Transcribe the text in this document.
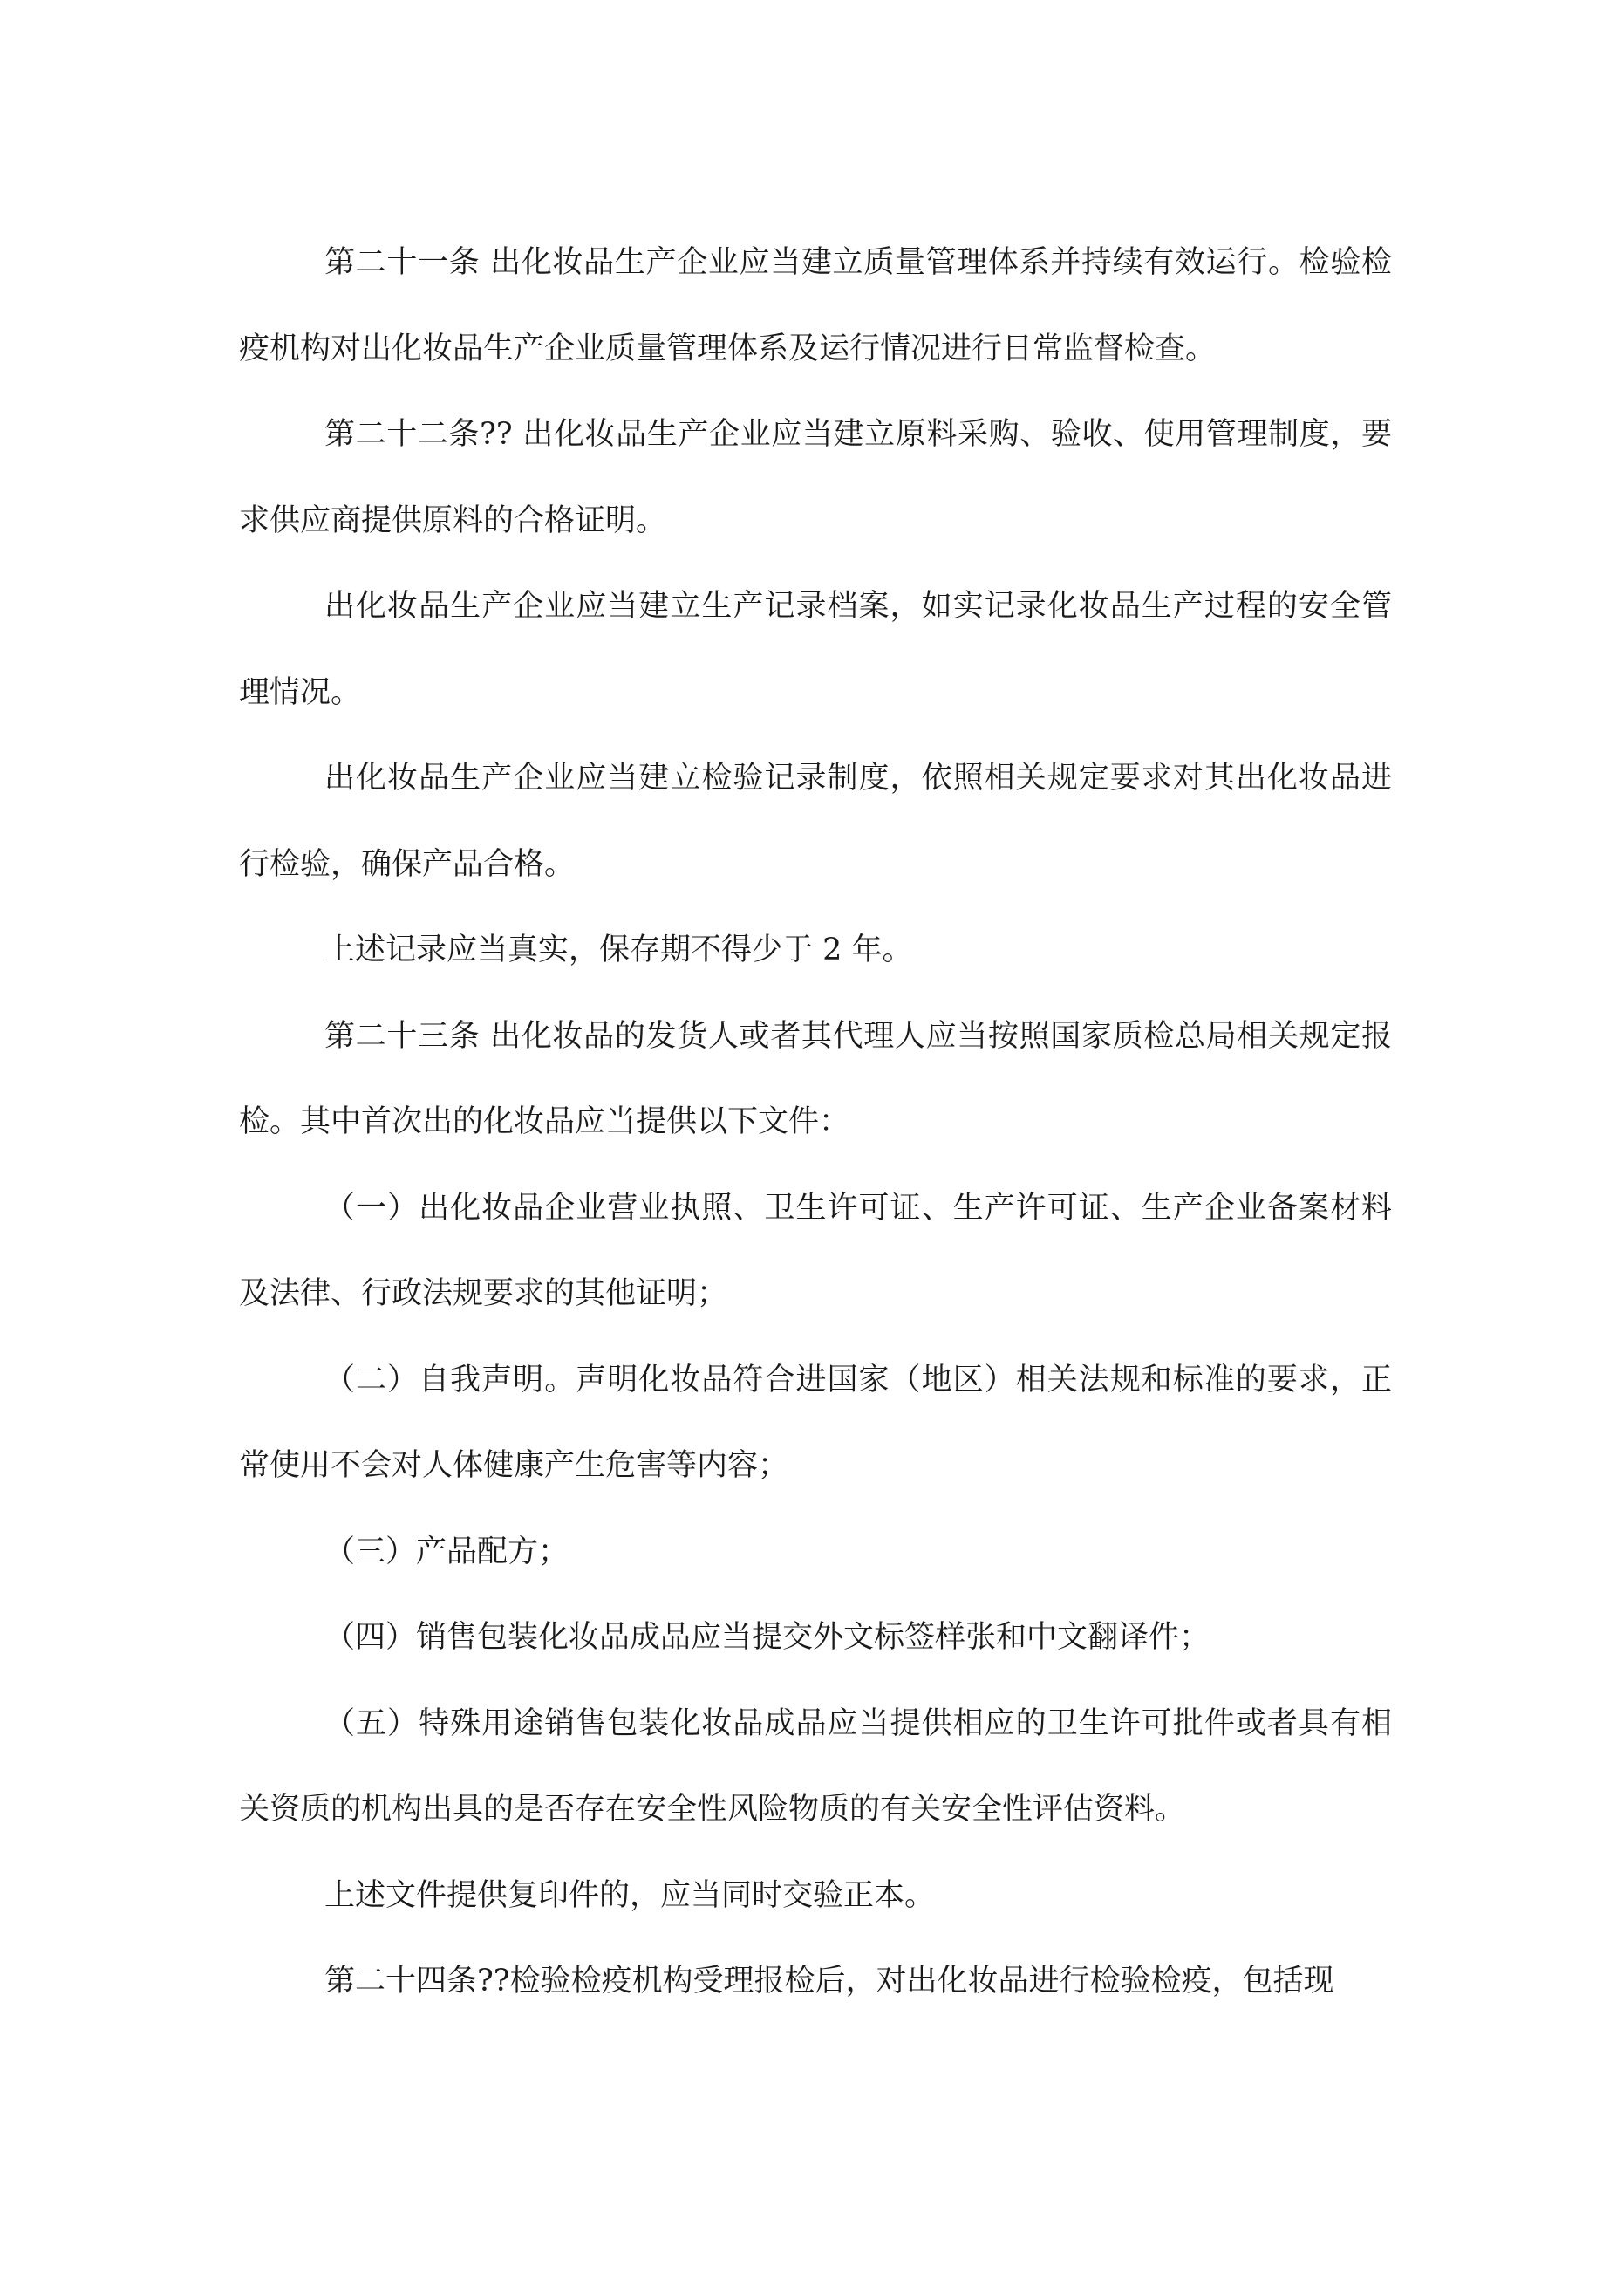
第二十一条 出化妆品生产企业应当建立质量管理体系并持续有效运行。检验检疫机构对出化妆品生产企业质量管理体系及运行情况进行日常监督检查。

第二十二条?? 出化妆品生产企业应当建立原料采购、验收、使用管理制度，要求供应商提供原料的合格证明。

出化妆品生产企业应当建立生产记录档案，如实记录化妆品生产过程的安全管理情况。

出化妆品生产企业应当建立检验记录制度，依照相关规定要求对其出化妆品进行检验，确保产品合格。

上述记录应当真实，保存期不得少于 2 年。

第二十三条 出化妆品的发货人或者其代理人应当按照国家质检总局相关规定报检。其中首次出的化妆品应当提供以下文件：

（一）出化妆品企业营业执照、卫生许可证、生产许可证、生产企业备案材料及法律、行政法规要求的其他证明；

（二）自我声明。声明化妆品符合进国家（地区）相关法规和标准的要求，正常使用不会对人体健康产生危害等内容；

（三）产品配方；

（四）销售包装化妆品成品应当提交外文标签样张和中文翻译件；

（五）特殊用途销售包装化妆品成品应当提供相应的卫生许可批件或者具有相关资质的机构出具的是否存在安全性风险物质的有关安全性评估资料。

上述文件提供复印件的，应当同时交验正本。

第二十四条??检验检疫机构受理报检后，对出化妆品进行检验检疫，包括现
